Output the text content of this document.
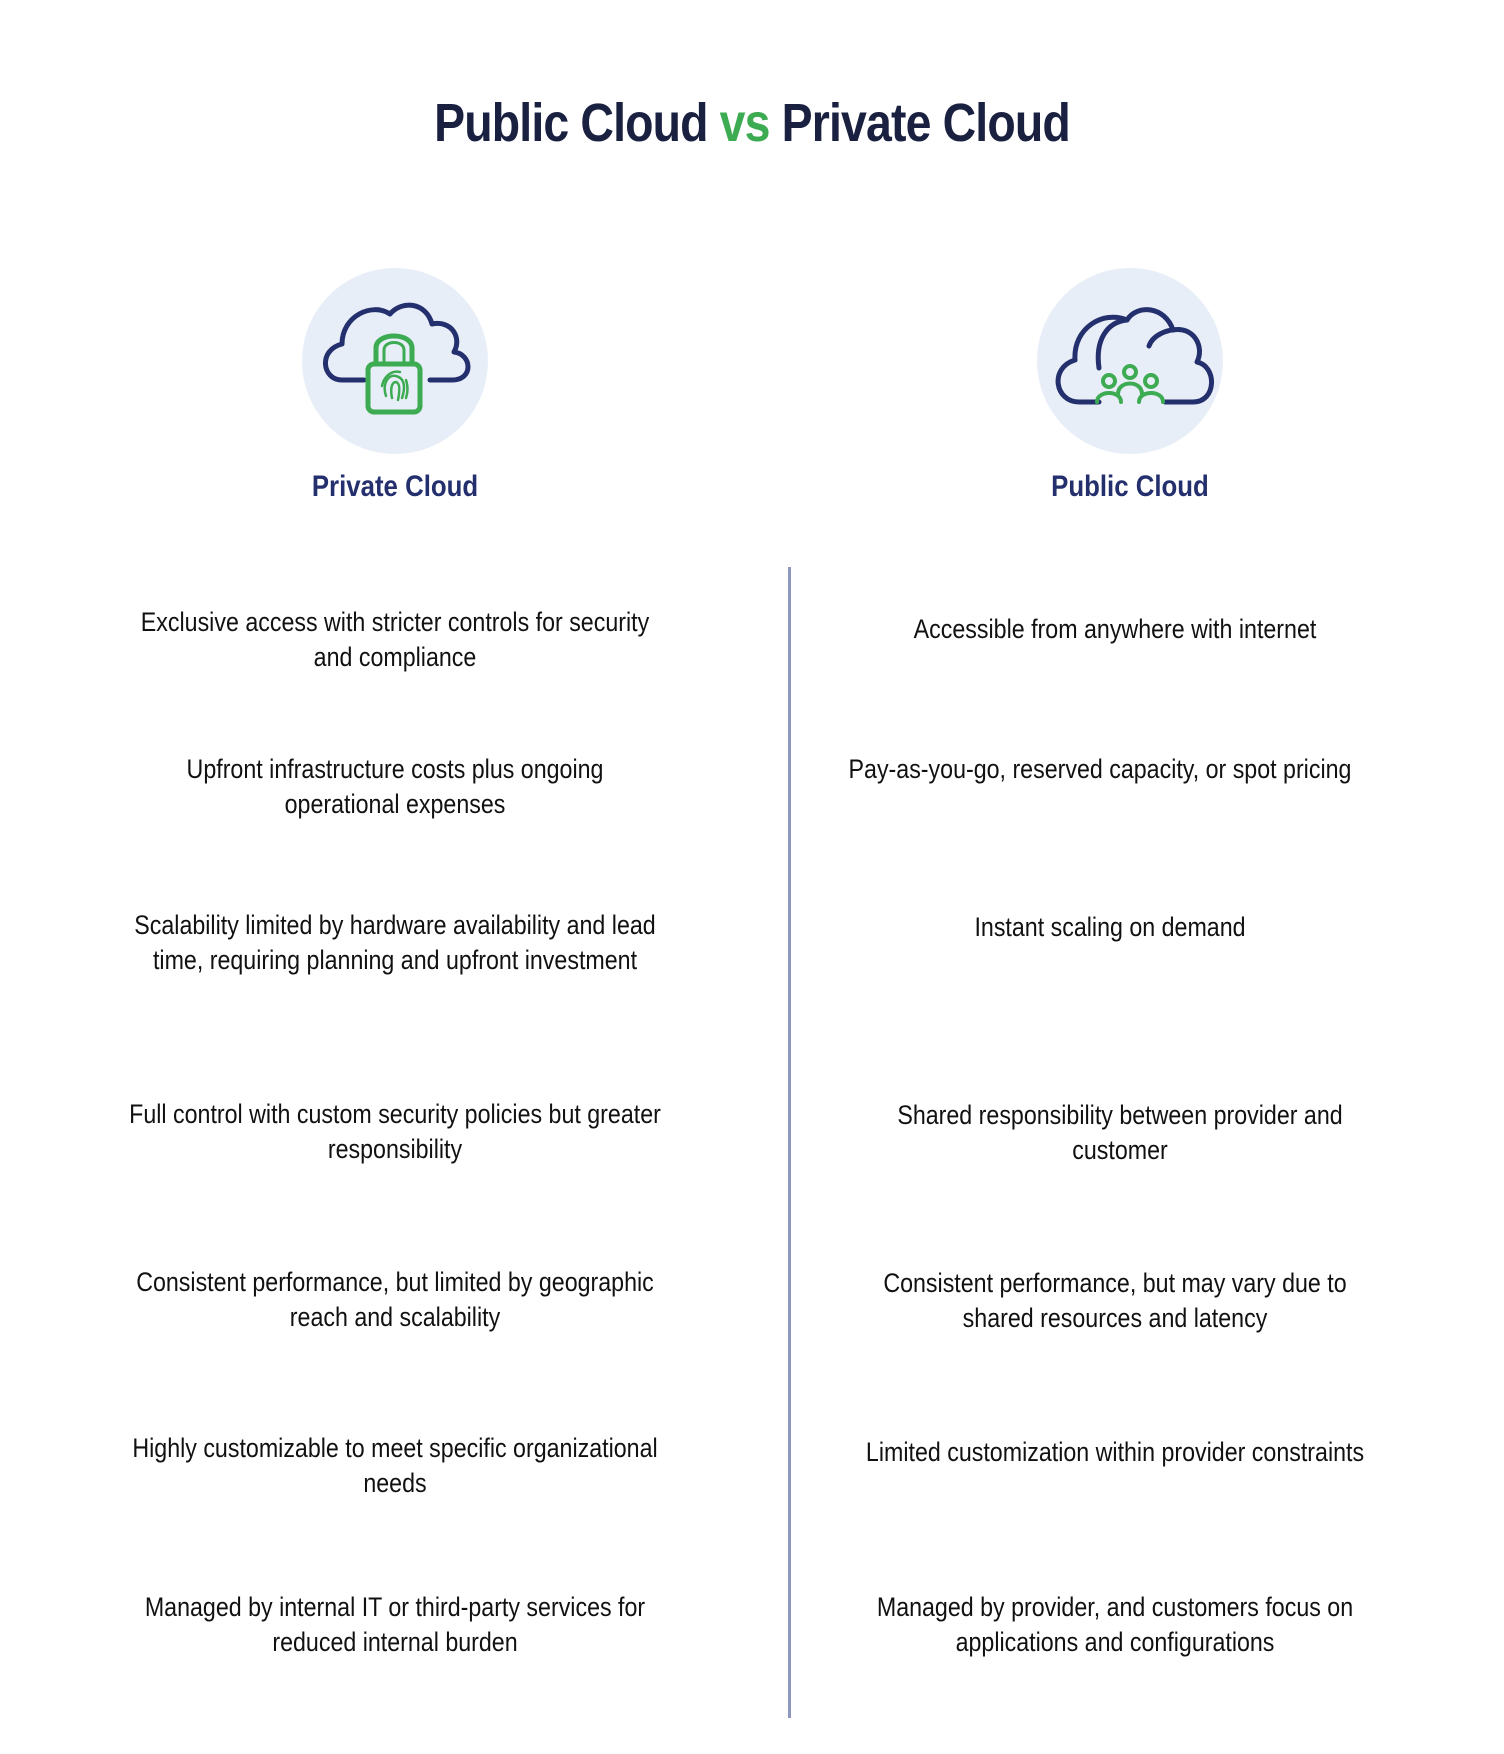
Public Cloud vs Private Cloud
Private Cloud	Public Cloud
Exclusive access with stricter controls for security and compliance
Upfront infrastructure costs plus ongoing operational expenses
Scalability limited by hardware availability and lead time, requiring planning and upfront investment
Full control with custom security policies but greater responsibility
Consistent performance, but limited by geographic reach and scalability
Highly customizable to meet specific organizational needs
Managed by internal IT or third-party services for reduced internal burden
Accessible from anywhere with internet
Pay-as-you-go, reserved capacity, or spot pricing
Instant scaling on demand
Shared responsibility between provider and customer
Consistent performance, but may vary due to shared resources and latency
Limited customization within provider constraints
Managed by provider, and customers focus on applications and configurations
